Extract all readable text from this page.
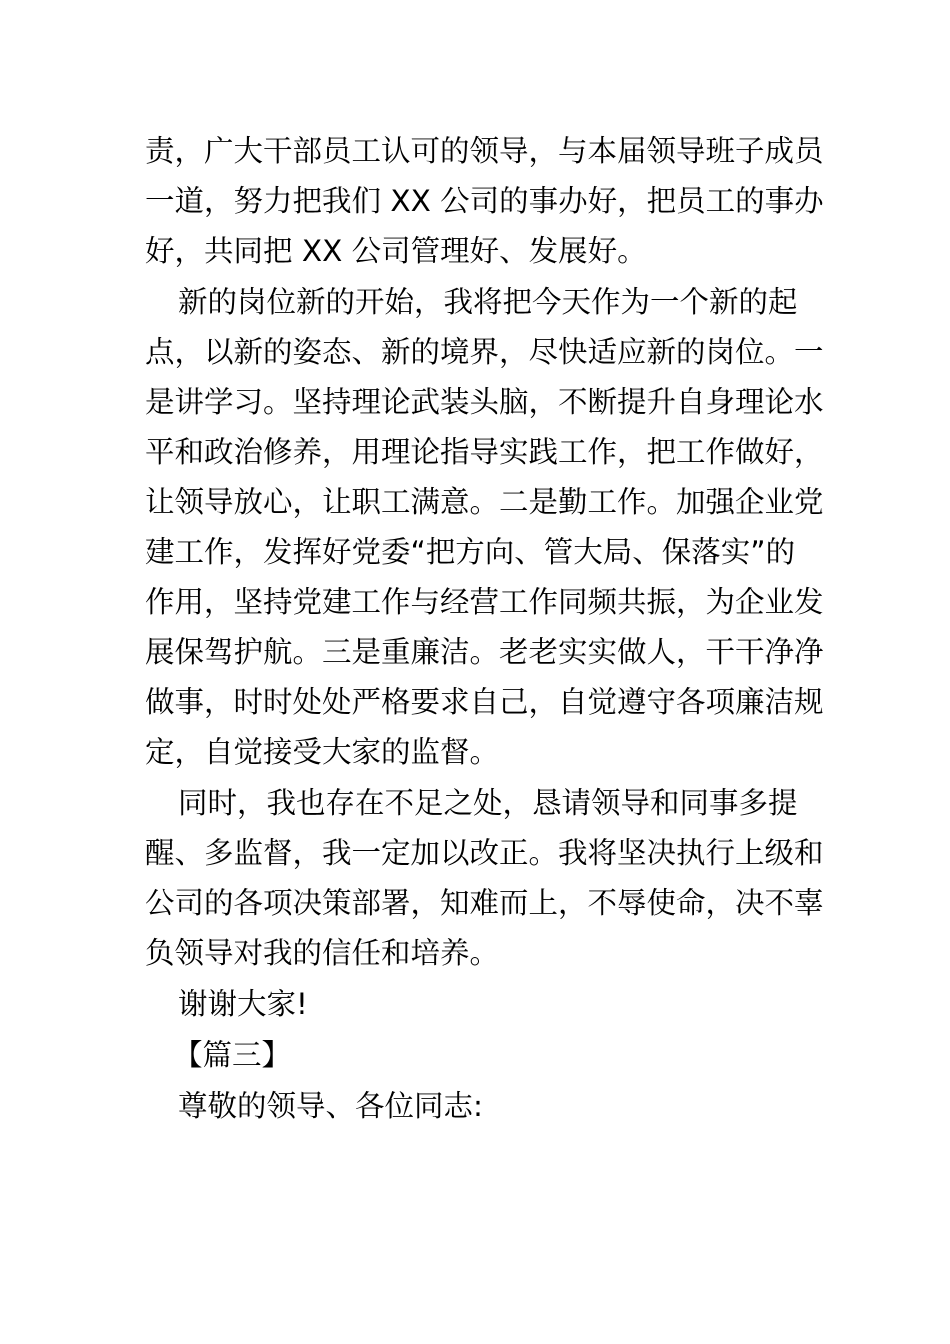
责，广大干部员工认可的领导，与本届领导班子成员
一道，努力把我们 XX 公司的事办好，把员工的事办
好，共同把 XX 公司管理好、发展好。

新的岗位新的开始，我将把今天作为一个新的起
点，以新的姿态、新的境界，尽快适应新的岗位。一
是讲学习。坚持理论武装头脑，不断提升自身理论水
平和政治修养，用理论指导实践工作，把工作做好，
让领导放心，让职工满意。二是勤工作。加强企业党
建工作，发挥好党委“把方向、管大局、保落实”的
作用，坚持党建工作与经营工作同频共振，为企业发
展保驾护航。三是重廉洁。老老实实做人，干干净净
做事，时时处处严格要求自己，自觉遵守各项廉洁规
定，自觉接受大家的监督。

同时，我也存在不足之处，恳请领导和同事多提
醒、多监督，我一定加以改正。我将坚决执行上级和
公司的各项决策部署，知难而上，不辱使命，决不辜
负领导对我的信任和培养。

谢谢大家!

【篇三】

尊敬的领导、各位同志:
